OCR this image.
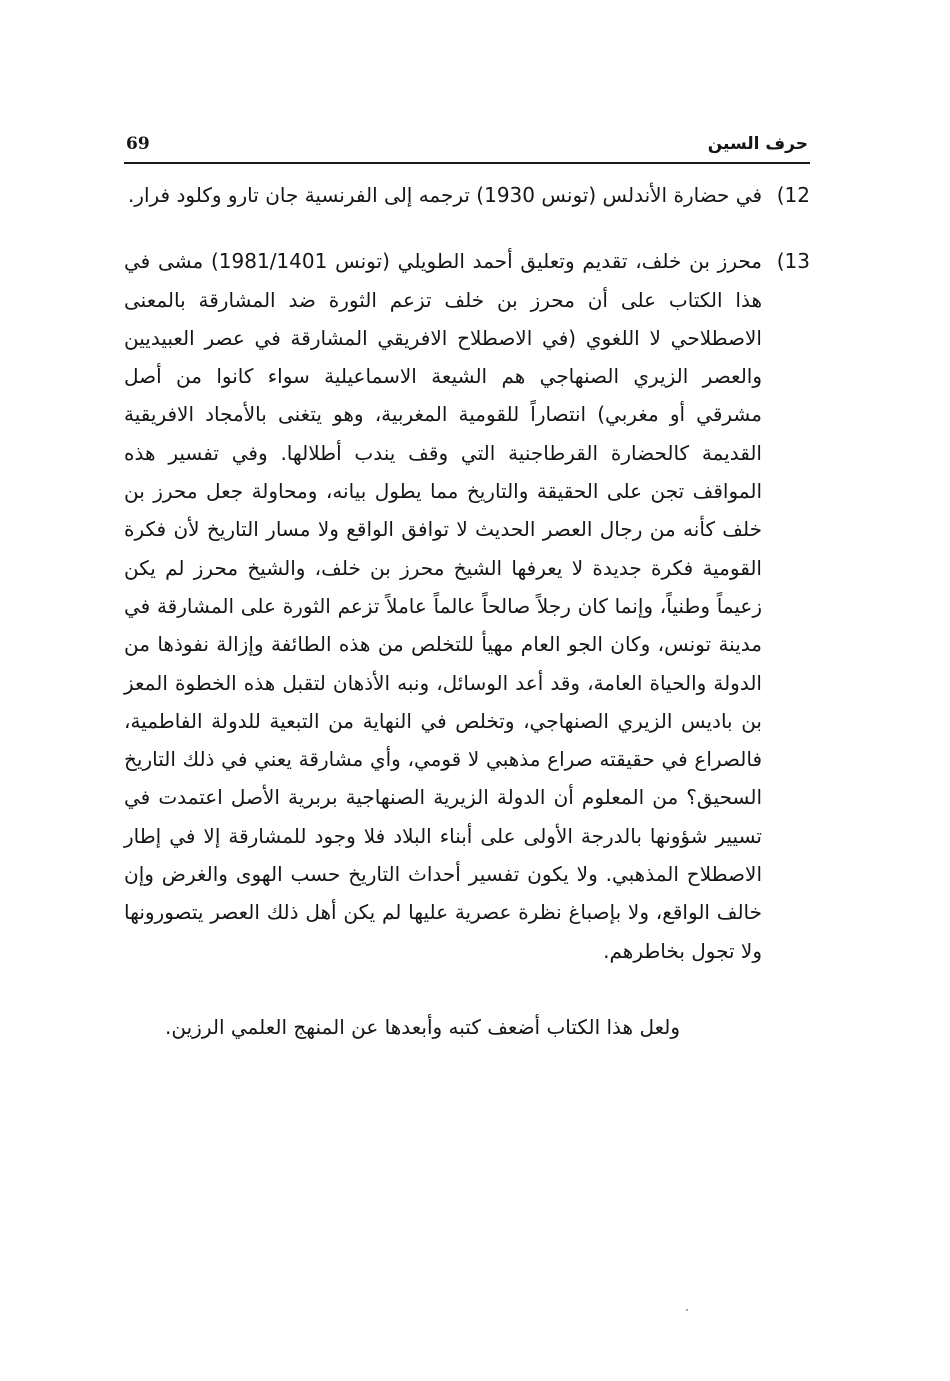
69	حرف السين
12)
في حضارة الأندلس (تونس 1930) ترجمه إلى الفرنسية جان تارو وكلود فرار.
13)
محرز بن خلف، تقديم وتعليق أحمد الطويلي (تونس 1981/1401) مشى في هذا الكتاب على أن محرز بن خلف تزعم الثورة ضد المشارقة بالمعنى الاصطلاحي لا اللغوي (في الاصطلاح الافريقي المشارقة في عصر العبيديين والعصر الزيري الصنهاجي هم الشيعة الاسماعيلية سواء كانوا من أصل مشرقي أو مغربي) انتصاراً للقومية المغربية، وهو يتغنى بالأمجاد الافريقية القديمة كالحضارة القرطاجنية التي وقف يندب أطلالها. وفي تفسير هذه المواقف تجن على الحقيقة والتاريخ مما يطول بيانه، ومحاولة جعل محرز بن خلف كأنه من رجال العصر الحديث لا توافق الواقع ولا مسار التاريخ لأن فكرة القومية فكرة جديدة لا يعرفها الشيخ محرز بن خلف، والشيخ محرز لم يكن زعيماً وطنياً، وإنما كان رجلاً صالحاً عالماً عاملاً تزعم الثورة على المشارقة في مدينة تونس، وكان الجو العام مهيأ للتخلص من هذه الطائفة وإزالة نفوذها من الدولة والحياة العامة، وقد أعد الوسائل، ونبه الأذهان لتقبل هذه الخطوة المعز بن باديس الزيري الصنهاجي، وتخلص في النهاية من التبعية للدولة الفاطمية، فالصراع في حقيقته صراع مذهبي لا قومي، وأي مشارقة يعني في ذلك التاريخ السحيق؟ من المعلوم أن الدولة الزيرية الصنهاجية بربرية الأصل اعتمدت في تسيير شؤونها بالدرجة الأولى على أبناء البلاد فلا وجود للمشارقة إلا في إطار الاصطلاح المذهبي. ولا يكون تفسير أحداث التاريخ حسب الهوى والغرض وإن خالف الواقع، ولا بإصباغ نظرة عصرية عليها لم يكن أهل ذلك العصر يتصورونها ولا تجول بخاطرهم.
ولعل هذا الكتاب أضعف كتبه وأبعدها عن المنهج العلمي الرزين.
